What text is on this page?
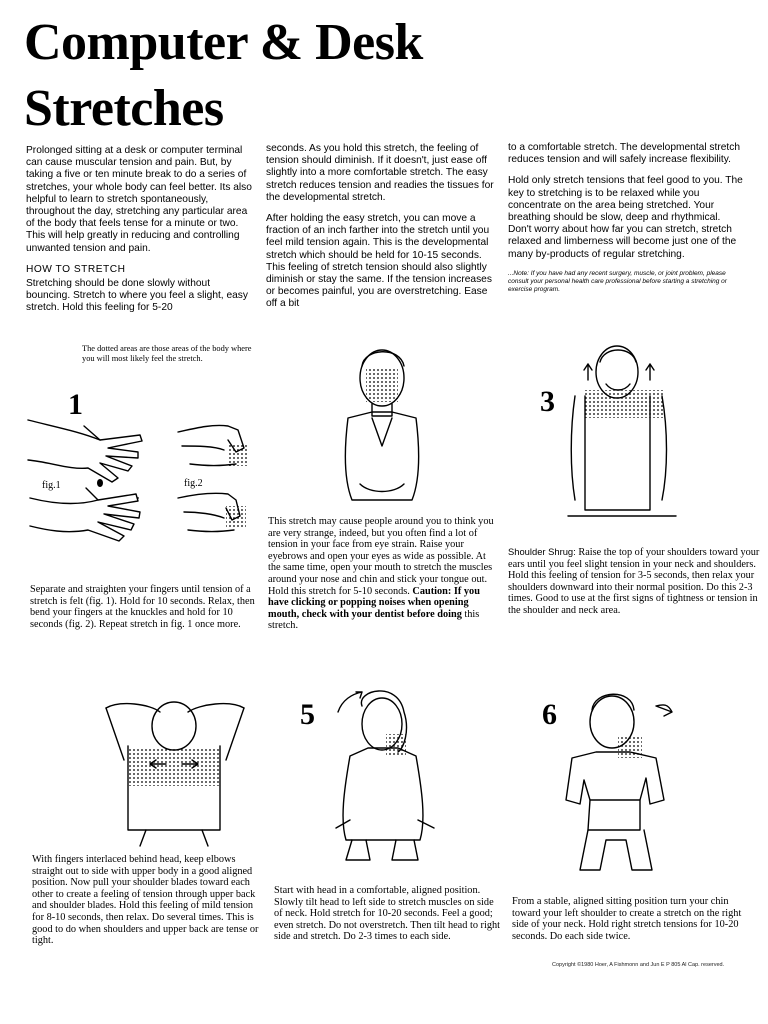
Computer & Desk
Stretches

Prolonged sitting at a desk or computer terminal can cause muscular tension and pain. But, by taking a five or ten minute break to do a series of stretches, your whole body can feel better. Its also helpful to learn to stretch spontaneously, throughout the day, stretching any particular area of the body that feels tense for a minute or two. This will help greatly in reducing and controlling unwanted tension and pain.

HOW TO STRETCH
Stretching should be done slowly without bouncing. Stretch to where you feel a slight, easy stretch. Hold this feeling for 5-20

seconds. As you hold this stretch, the feeling of tension should diminish. If it doesn't, just ease off slightly into a more comfortable stretch. The easy stretch reduces tension and readies the tissues for the developmental stretch.

After holding the easy stretch, you can move a fraction of an inch farther into the stretch until you feel mild tension again. This is the developmental stretch which should be held for 10-15 seconds. This feeling of stretch tension should also slightly diminish or stay the same. If the tension increases or becomes painful, you are overstretching. Ease off a bit

to a comfortable stretch. The developmental stretch reduces tension and will safely increase flexibility.

Hold only stretch tensions that feel good to you. The key to stretching is to be relaxed while you concentrate on the area being stretched. Your breathing should be slow, deep and rhythmical. Don't worry about how far you can stretch, stretch relaxed and limberness will become just one of the many by-products of regular stretching.

...Note: If you have had any recent surgery, muscle, or joint problem, please consult your personal health care professional before starting a stretching or exercise program.
The dotted areas are those areas of the body where you will most likely feel the stretch.
1
fig.1	fig.2
3
5	6
Separate and straighten your fingers until tension of a stretch is felt (fig. 1). Hold for 10 seconds. Relax, then bend your fingers at the knuckles and hold for 10 seconds (fig. 2). Repeat stretch in fig. 1 once more.
This stretch may cause people around you to think you are very strange, indeed, but you often find a lot of tension in your face from eye strain. Raise your eyebrows and open your eyes as wide as possible. At the same time, open your mouth to stretch the muscles around your nose and chin and stick your tongue out. Hold this stretch for 5-10 seconds. Caution: If you have clicking or popping noises when opening mouth, check with your dentist before doing this stretch.
Shoulder Shrug: Raise the top of your shoulders toward your ears until you feel slight tension in your neck and shoulders. Hold this feeling of tension for 3-5 seconds, then relax your shoulders downward into their normal position. Do this 2-3 times. Good to use at the first signs of tightness or tension in the shoulder and neck area.
With fingers interlaced behind head, keep elbows straight out to side with upper body in a good aligned position. Now pull your shoulder blades toward each other to create a feeling of tension through upper back and shoulder blades. Hold this feeling of mild tension for 8-10 seconds, then relax. Do several times. This is good to do when shoulders and upper back are tense or tight.
Start with head in a comfortable, aligned position. Slowly tilt head to left side to stretch muscles on side of neck. Hold stretch for 10-20 seconds. Feel a good; even stretch. Do not overstretch. Then tilt head to right side and stretch. Do 2-3 times to each side.
From a stable, aligned sitting position turn your chin toward your left shoulder to create a stretch on the right side of your neck. Hold right stretch tensions for 10-20 seconds. Do each side twice.
Copyright ©1980 Hoer, A Fishmonn and Jun E P 805 Al Cap. reserved.
